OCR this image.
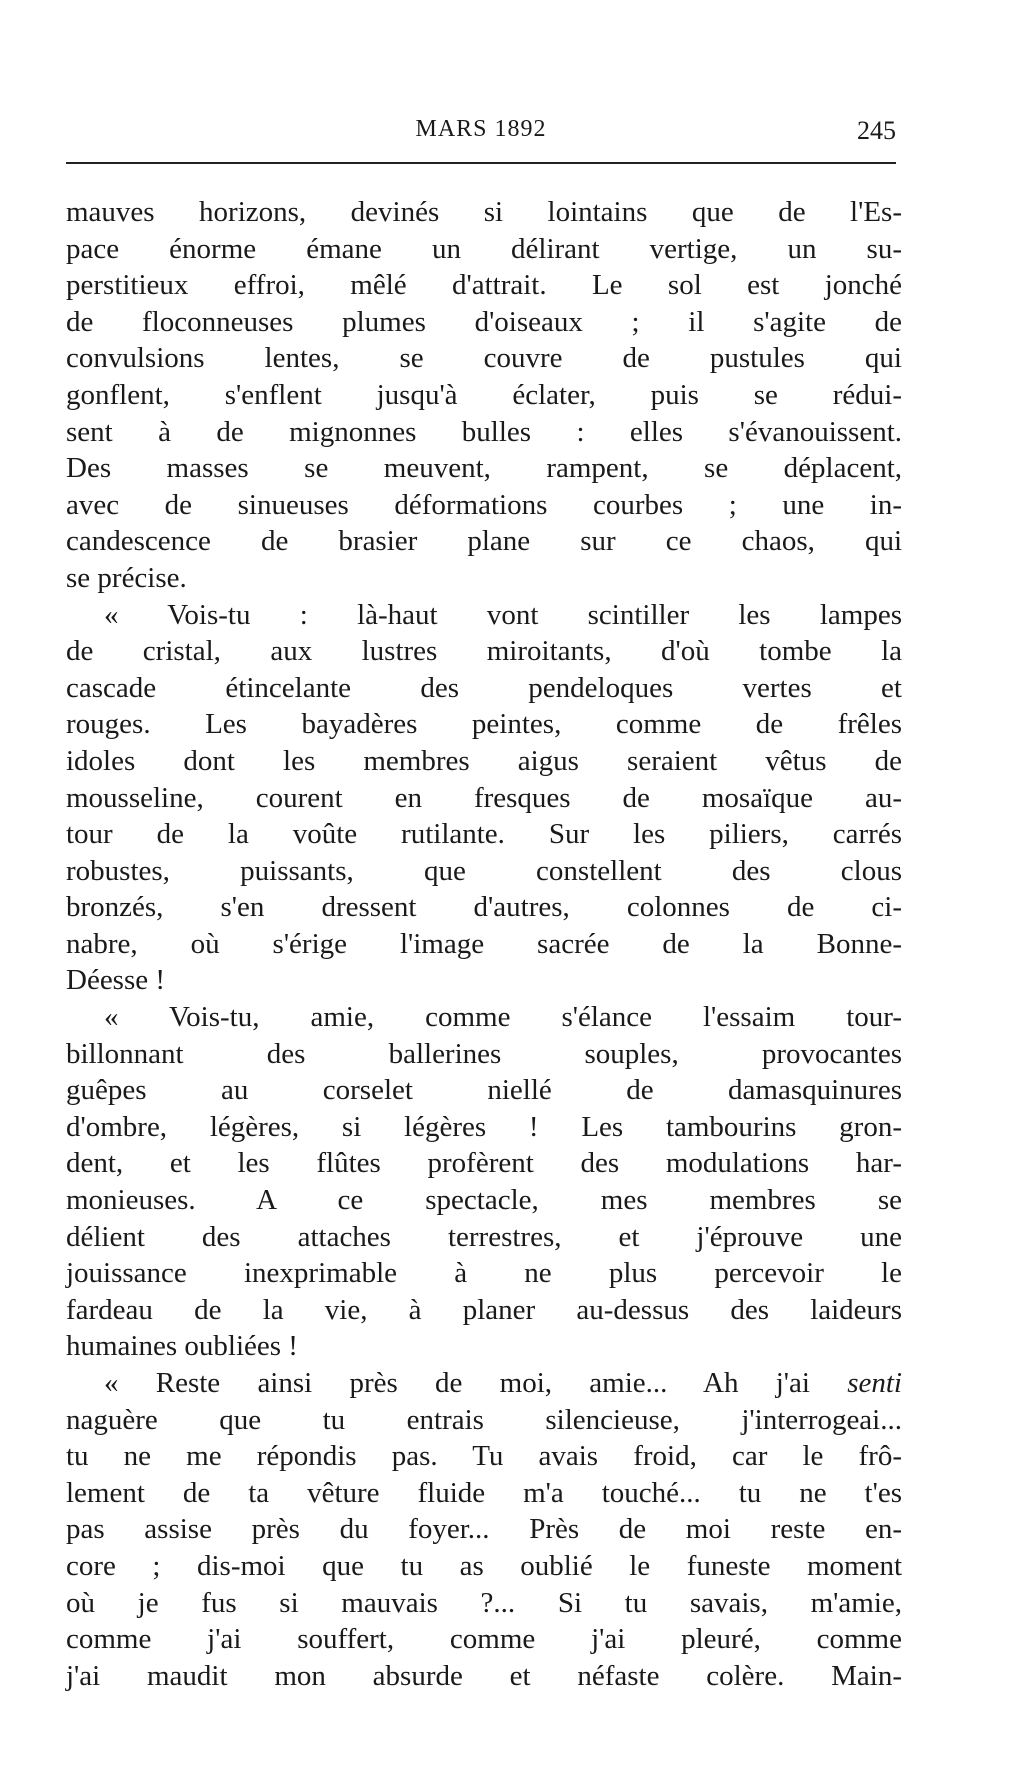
MARS 1892	245
mauves horizons, devinés si lointains que de l'Es-
pace énorme émane un délirant vertige, un su-
perstitieux effroi, mêlé d'attrait. Le sol est jonché
de floconneuses plumes d'oiseaux ; il s'agite de
convulsions lentes, se couvre de pustules qui
gonflent, s'enflent jusqu'à éclater, puis se rédui-
sent à de mignonnes bulles : elles s'évanouissent.
Des masses se meuvent, rampent, se déplacent,
avec de sinueuses déformations courbes ; une in-
candescence de brasier plane sur ce chaos, qui
se précise.
« Vois-tu : là-haut vont scintiller les lampes
de cristal, aux lustres miroitants, d'où tombe la
cascade étincelante des pendeloques vertes et
rouges. Les bayadères peintes, comme de frêles
idoles dont les membres aigus seraient vêtus de
mousseline, courent en fresques de mosaïque au-
tour de la voûte rutilante. Sur les piliers, carrés
robustes, puissants, que constellent des clous
bronzés, s'en dressent d'autres, colonnes de ci-
nabre, où s'érige l'image sacrée de la Bonne-
Déesse !
« Vois-tu, amie, comme s'élance l'essaim tour-
billonnant des ballerines souples, provocantes
guêpes au corselet niellé de damasquinures
d'ombre, légères, si légères ! Les tambourins gron-
dent, et les flûtes profèrent des modulations har-
monieuses. A ce spectacle, mes membres se
délient des attaches terrestres, et j'éprouve une
jouissance inexprimable à ne plus percevoir le
fardeau de la vie, à planer au-dessus des laideurs
humaines oubliées !
« Reste ainsi près de moi, amie... Ah j'ai senti
naguère que tu entrais silencieuse, j'interrogeai...
tu ne me répondis pas. Tu avais froid, car le frô-
lement de ta vêture fluide m'a touché... tu ne t'es
pas assise près du foyer... Près de moi reste en-
core ; dis-moi que tu as oublié le funeste moment
où je fus si mauvais ?... Si tu savais, m'amie,
comme j'ai souffert, comme j'ai pleuré, comme
j'ai maudit mon absurde et néfaste colère. Main-
